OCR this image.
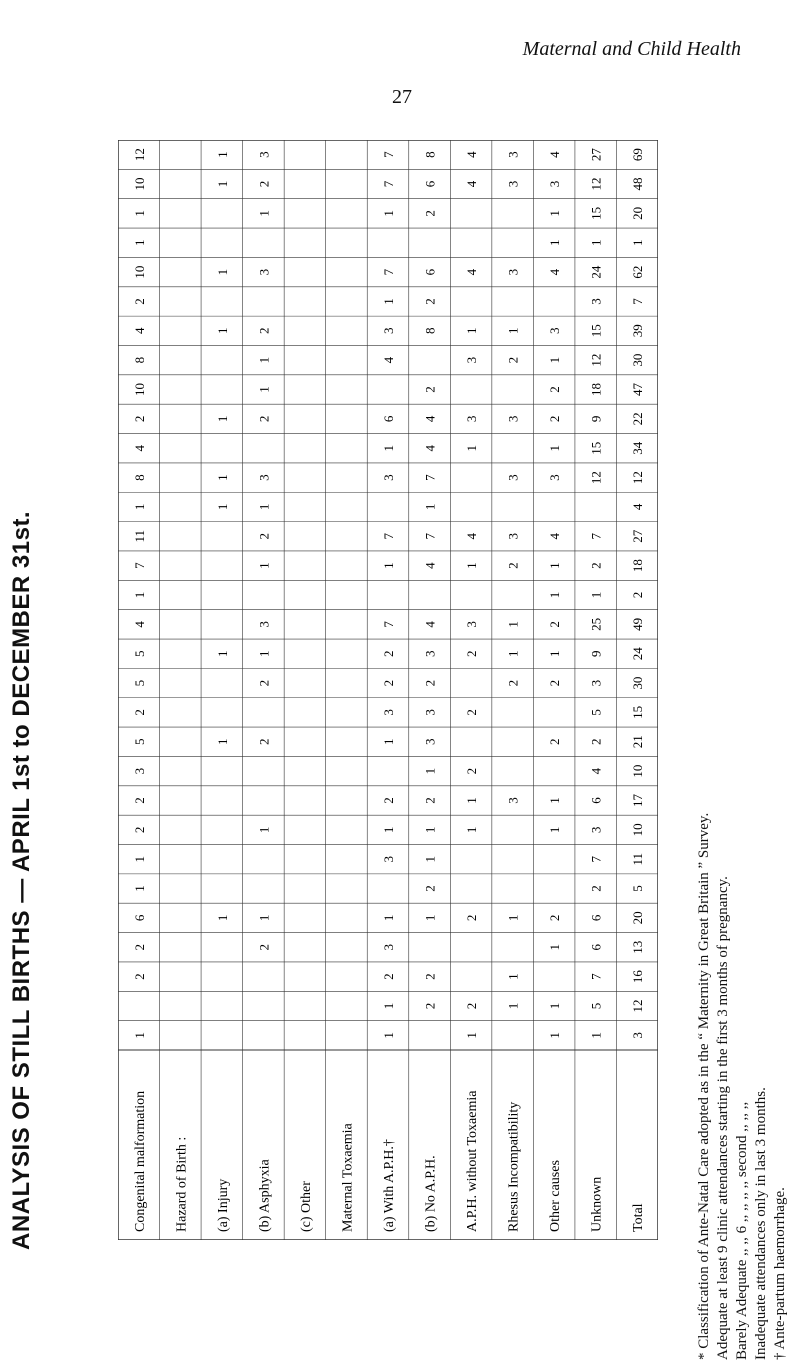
Maternal and Child Health
27
ANALYSIS OF STILL BIRTHS — APRIL 1st to DECEMBER 31st.	Congenital malformation
1
2
2
6
1
1
2
2
3
5
2
5
5
4
1
7
11
1
8
4
2
10
8
4
2
10
1
1
10
12
Hazard of Birth : (a) Injury
1
1
1
1
1
1
1
1
1
1
(b) Asphyxia
2
1
1
2
2
1
3
1
2
1
3
2
1
1
2
3
1
2
3
(c) Other Maternal Toxaemia (a) With A.P.H.†
1
1
2
3
1
3
1
2
1
3
2
2
7
1
7
3
1
6
4
3
1
7
1
7
7
(b) No A.P.H.
2
2
1
2
1
1
2
1
3
3
2
3
4
4
7
1
7
4
4
2
8
2
6
2
6
8
A.P.H. without Toxaemia
1
2
2
1
1
2
2
2
3
1
4
1
3
3
1
4
4
4
Rhesus Incompatibility
1
1
1
3
2
1
1
2
3
3
3
2
1
3
3
3
Other causes
1
1
1
2
1
1
2
2
1
2
1
1
4
3
1
2
2
1
3
4
1
1
3
4
Unknown
1
5
7
6
6
2
7
3
6
4
2
5
3
9
25
1
2
7
12
15
9
18
12
15
3
24
1
15
12
27
Total
3
12
16
13
20
5
11
10
17
10
21
15
30
24
49
2
18
27
4
12
34
22
47
30
39
7
62
1
20
48
69
* Classification of Ante-Natal Care adopted as in the “ Maternity in Great Britain ” Survey. Adequate at least 9 clinic attendances starting in the first 3 months of pregnancy. Barely Adequate ,, ,, 6 ,, ,, ,, ,, second ,, ,, ,, Inadequate attendances only in last 3 months. † Ante-partum haemorrhage.
